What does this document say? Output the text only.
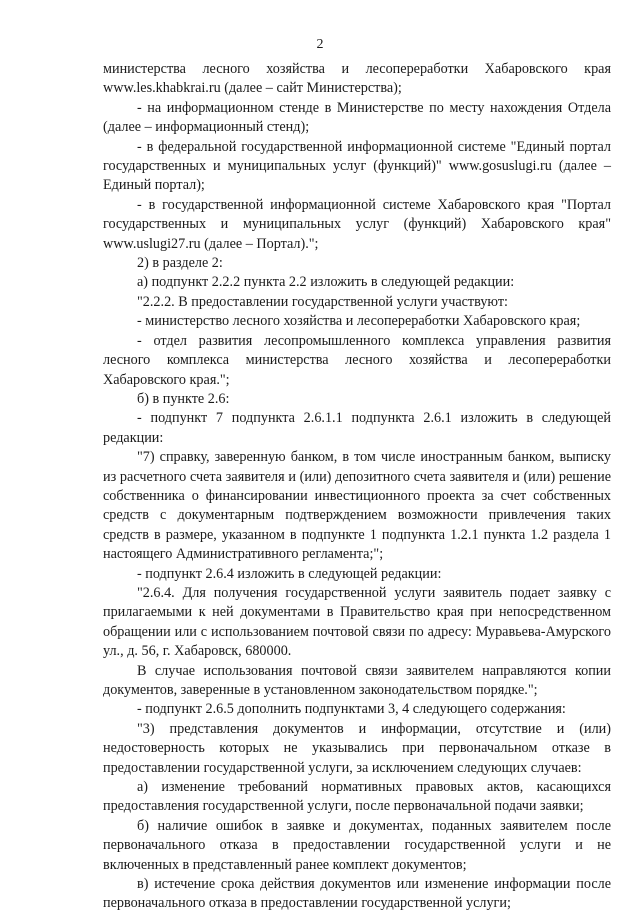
2

министерства лесного хозяйства и лесопереработки Хабаровского края www.les.khabkrai.ru (далее – сайт Министерства);

- на информационном стенде в Министерстве по месту нахождения Отдела (далее – информационный стенд);

- в федеральной государственной информационной системе "Единый портал государственных и муниципальных услуг (функций)" www.gosuslugi.ru (далее – Единый портал);

- в государственной информационной системе Хабаровского края "Портал государственных и муниципальных услуг (функций) Хабаровского края" www.uslugi27.ru (далее – Портал).";

2) в разделе 2:

а) подпункт 2.2.2 пункта 2.2 изложить в следующей редакции:

"2.2.2. В предоставлении государственной услуги участвуют:

- министерство лесного хозяйства и лесопереработки Хабаровского края;

- отдел развития лесопромышленного комплекса управления развития лесного комплекса министерства лесного хозяйства и лесопереработки Хабаровского края.";

б) в пункте 2.6:

- подпункт 7 подпункта 2.6.1.1 подпункта 2.6.1 изложить в следующей редакции:

"7) справку, заверенную банком, в том числе иностранным банком, выписку из расчетного счета заявителя и (или) депозитного счета заявителя и (или) решение собственника о финансировании инвестиционного проекта за счет собственных средств с документарным подтверждением возможности привлечения таких средств в размере, указанном в подпункте 1 подпункта 1.2.1 пункта 1.2 раздела 1 настоящего Административного регламента;";

- подпункт 2.6.4 изложить в следующей редакции:

"2.6.4. Для получения государственной услуги заявитель подает заявку с прилагаемыми к ней документами в Правительство края при непосредственном обращении или с использованием почтовой связи по адресу: Муравьева-Амурского ул., д. 56, г. Хабаровск, 680000.

В случае использования почтовой связи заявителем направляются копии документов, заверенные в установленном законодательством порядке.";

- подпункт 2.6.5 дополнить подпунктами 3, 4 следующего содержания:

"3) представления документов и информации, отсутствие и (или) недостоверность которых не указывались при первоначальном отказе в предоставлении государственной услуги, за исключением следующих случаев:

а) изменение требований нормативных правовых актов, касающихся предоставления государственной услуги, после первоначальной подачи заявки;

б) наличие ошибок в заявке и документах, поданных заявителем после первоначального отказа в предоставлении государственной услуги и не включенных в представленный ранее комплект документов;

в) истечение срока действия документов или изменение информации после первоначального отказа в предоставлении государственной услуги;
